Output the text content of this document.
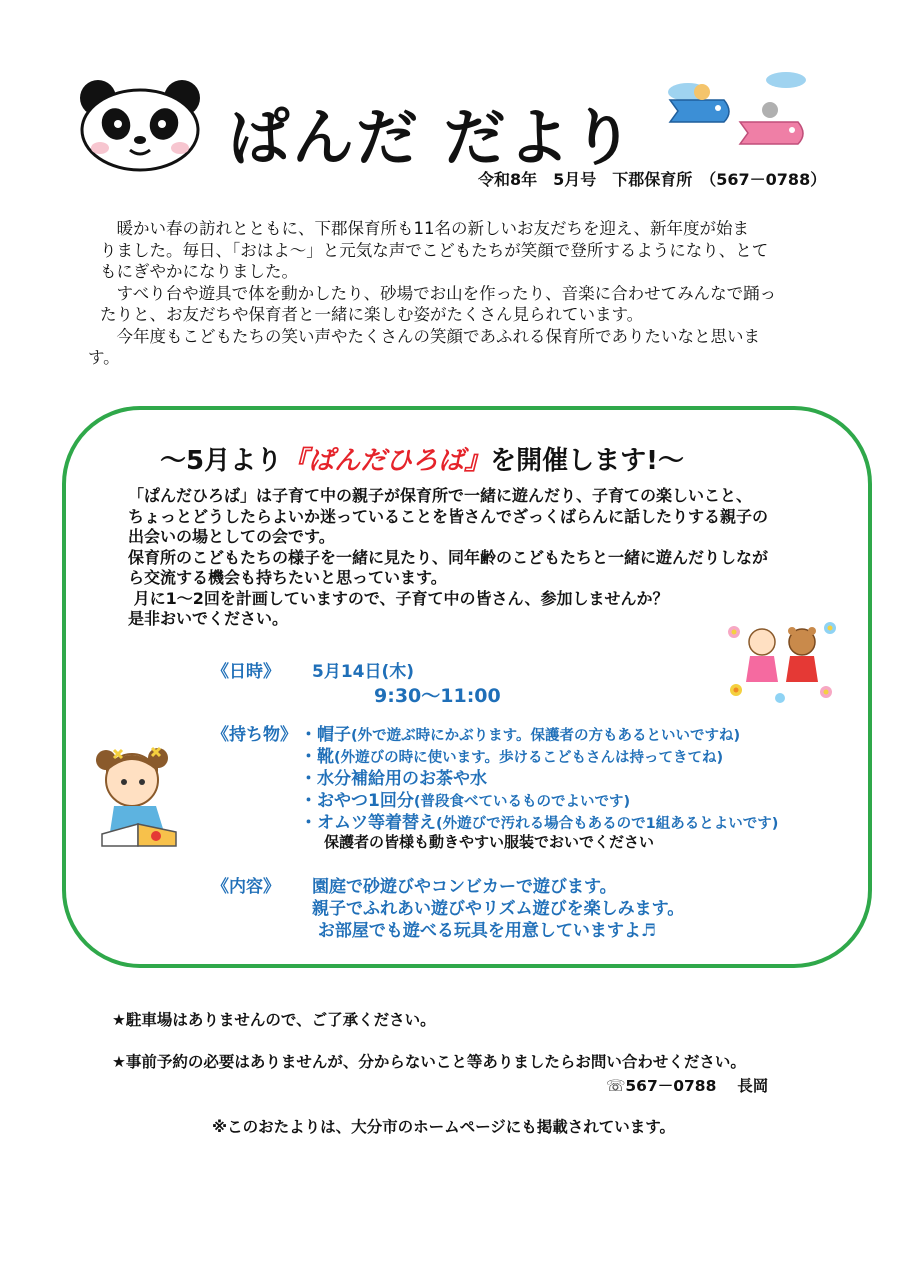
ぱんだ だより
令和8年　5月号　下郡保育所　（567－0788）

　暖かい春の訪れとともに、下郡保育所も11名の新しいお友だちを迎え、新年度が始ま

りました。毎日、「おはよ～」と元気な声でこどもたちが笑顔で登所するようになり、とて

もにぎやかになりました。

　すべり台や遊具で体を動かしたり、砂場でお山を作ったり、音楽に合わせてみんなで踊っ

たりと、お友だちや保育者と一緒に楽しむ姿がたくさん見られています。

　今年度もこどもたちの笑い声やたくさんの笑顔であふれる保育所でありたいなと思いま

す。

～5月より『ぱんだひろば』を開催します!～

「ぱんだひろば」は子育て中の親子が保育所で一緒に遊んだり、子育ての楽しいこと、

ちょっとどうしたらよいか迷っていることを皆さんでざっくばらんに話したりする親子の

出会いの場としての会です。

保育所のこどもたちの様子を一緒に見たり、同年齢のこどもたちと一緒に遊んだりしなが

ら交流する機会も持ちたいと思っています。

月に1～2回を計画していますので、子育て中の皆さん、参加しませんか？

是非おいでください。

《日時》 5月14日(木)
9:30～11:00
《持ち物》 ・帽子(外で遊ぶ時にかぶります。保護者の方もあるといいですね)
・靴(外遊びの時に使います。歩けるこどもさんは持ってきてね)
・水分補給用のお茶や水
・おやつ1回分(普段食べているものでよいです)
・オムツ等着替え(外遊びで汚れる場合もあるので1組あるとよいです)
保護者の皆様も動きやすい服装でおいでください
《内容》 園庭で砂遊びやコンビカーで遊びます。
親子でふれあい遊びやリズム遊びを楽しみます。
お部屋でも遊べる玩具を用意していますよ♬
★駐車場はありませんので、ご了承ください。
★事前予約の必要はありませんが、分からないこと等ありましたらお問い合わせください。
☏567－0788　 長岡
※このおたよりは、大分市のホームページにも掲載されています。
